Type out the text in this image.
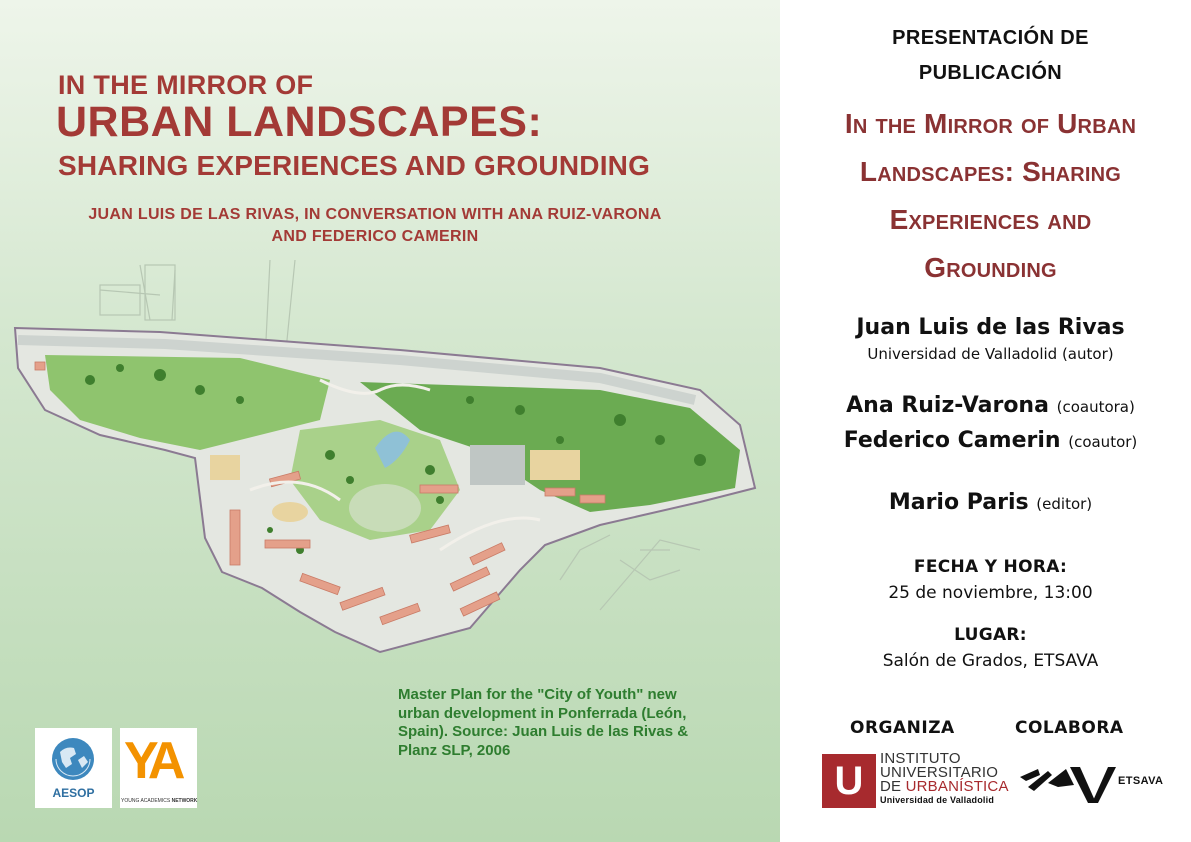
IN THE MIRROR OF
URBAN LANDSCAPES:
SHARING EXPERIENCES AND GROUNDING
JUAN LUIS DE LAS RIVAS, IN CONVERSATION WITH ANA RUIZ-VARONA
AND FEDERICO CAMERIN
Master Plan for the "City of Youth" new
urban development in Ponferrada (León,
Spain). Source: Juan Luis de las Rivas &
Planz SLP, 2006
AESOP
YA
YOUNG ACADEMICS NETWORK
PRESENTACIÓN DE
PUBLICACIÓN
In the Mirror of Urban
Landscapes: Sharing
Experiences and
Grounding
Juan Luis de las Rivas
Universidad de Valladolid (autor)
Ana Ruiz-Varona (coautora)
Federico Camerin (coautor)
Mario Paris (editor)
FECHA Y HORA:
25 de noviembre, 13:00
LUGAR:
Salón de Grados, ETSAVA
ORGANIZA	COLABORA
U
INSTITUTO
UNIVERSITARIO
DE URBANÍSTICA
Universidad de Valladolid
ETSAVA
